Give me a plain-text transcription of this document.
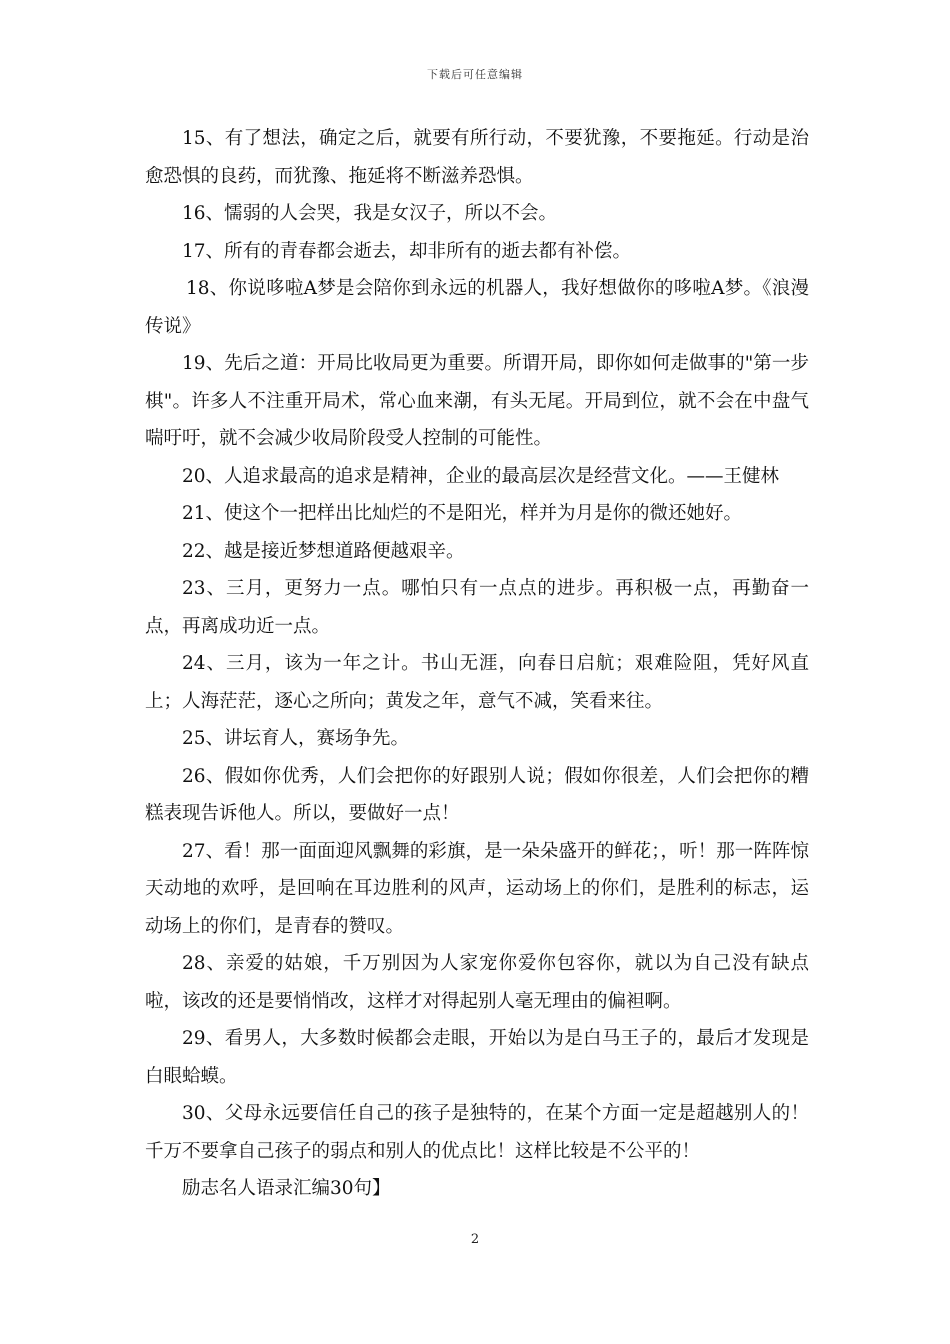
下载后可任意编辑

15、有了想法，确定之后，就要有所行动，不要犹豫，不要拖延。行动是治愈恐惧的良药，而犹豫、拖延将不断滋养恐惧。

16、懦弱的人会哭，我是女汉子，所以不会。

17、所有的青春都会逝去，却非所有的逝去都有补偿。

18、你说哆啦A梦是会陪你到永远的机器人，我好想做你的哆啦A梦。《浪漫传说》

19、先后之道：开局比收局更为重要。所谓开局，即你如何走做事的"第一步棋"。许多人不注重开局术，常心血来潮，有头无尾。开局到位，就不会在中盘气喘吁吁，就不会减少收局阶段受人控制的可能性。

20、人追求最高的追求是精神，企业的最高层次是经营文化。——王健林

21、使这个一把样出比灿烂的不是阳光，样并为月是你的微还她好。

22、越是接近梦想道路便越艰辛。

23、三月，更努力一点。哪怕只有一点点的进步。再积极一点，再勤奋一点，再离成功近一点。

24、三月，该为一年之计。书山无涯，向春日启航；艰难险阻，凭好风直上；人海茫茫，逐心之所向；黄发之年，意气不减，笑看来往。

25、讲坛育人，赛场争先。

26、假如你优秀，人们会把你的好跟别人说；假如你很差，人们会把你的糟糕表现告诉他人。所以，要做好一点！

27、看！那一面面迎风飘舞的彩旗，是一朵朵盛开的鲜花；，听！那一阵阵惊天动地的欢呼，是回响在耳边胜利的风声，运动场上的你们，是胜利的标志，运动场上的你们，是青春的赞叹。

28、亲爱的姑娘，千万别因为人家宠你爱你包容你，就以为自己没有缺点啦，该改的还是要悄悄改，这样才对得起别人毫无理由的偏袒啊。

29、看男人，大多数时候都会走眼，开始以为是白马王子的，最后才发现是白眼蛤蟆。

30、父母永远要信任自己的孩子是独特的，在某个方面一定是超越别人的！千万不要拿自己孩子的弱点和别人的优点比！这样比较是不公平的！

励志名人语录汇编30句】

2
